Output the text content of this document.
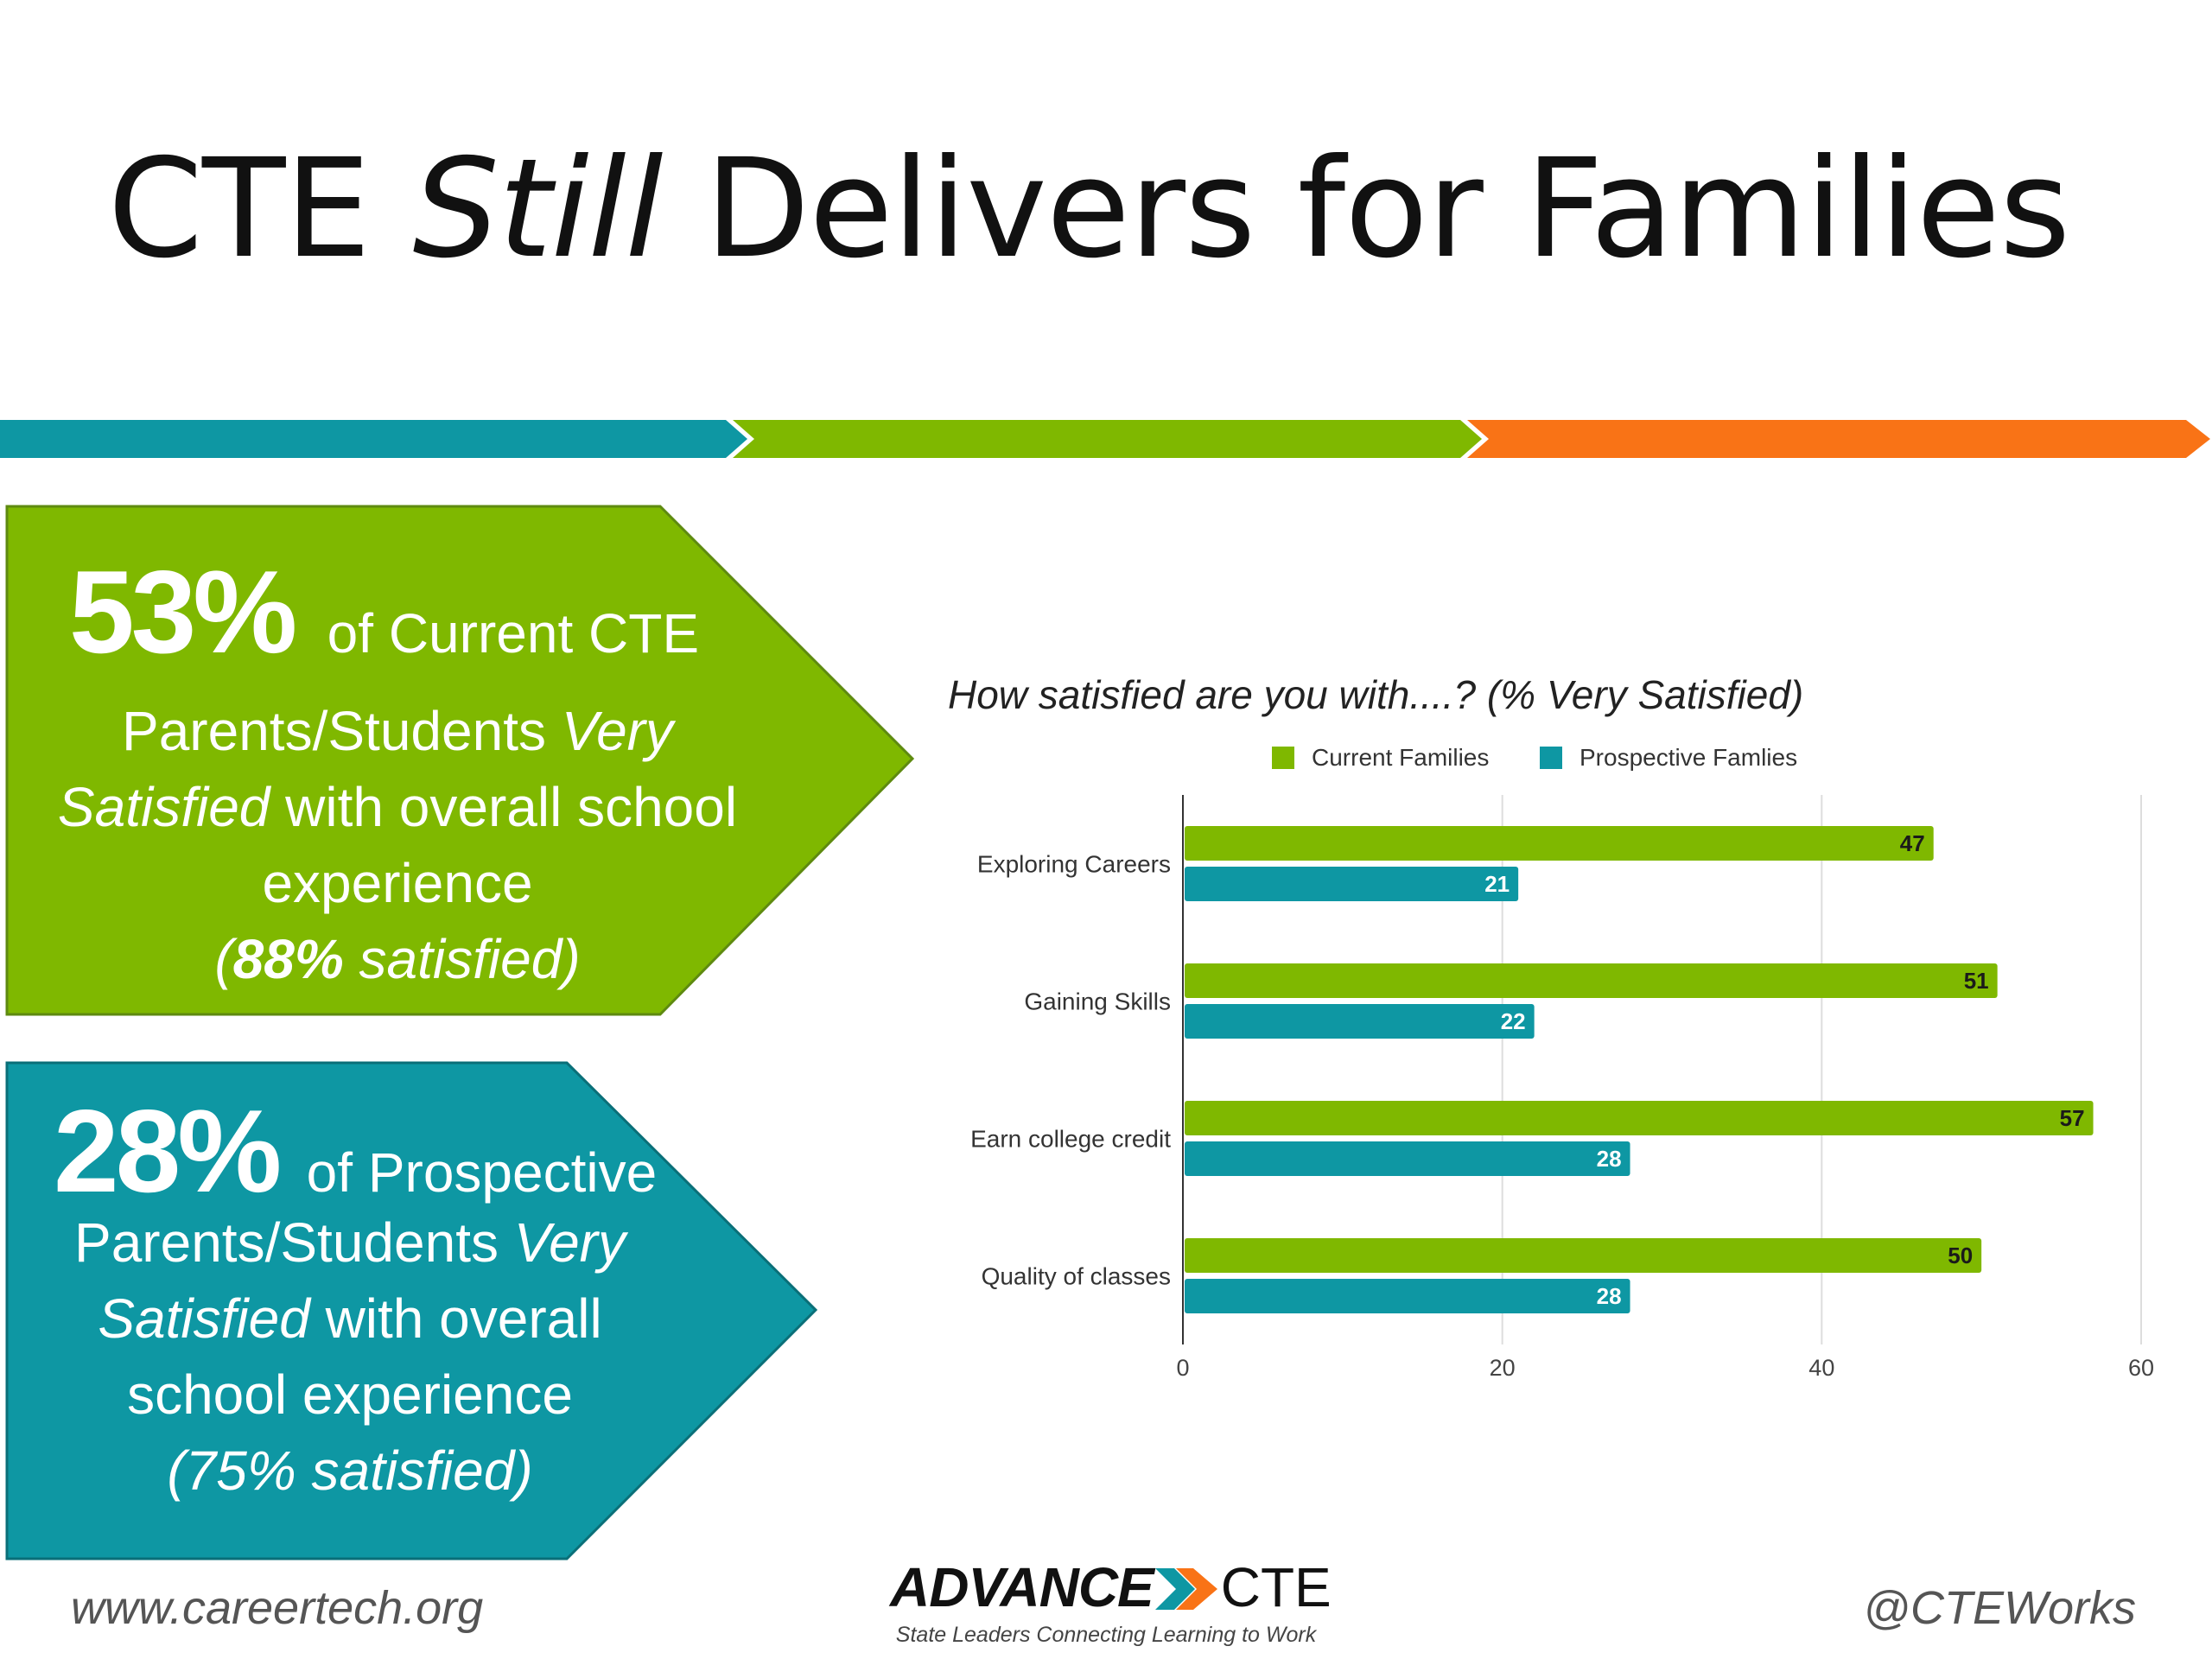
CTE Still Delivers for Families
53% of Current CTE
Parents/Students Very
Satisfied with overall school
experience
(88% satisfied)
28% of Prospective
Parents/Students Very
Satisfied with overall
school experience
(75% satisfied)
How satisfied are you with....? (% Very Satisfied)
Current Families	Prospective Famlies
0	20	40	60
Exploring Careers
47
21
Gaining Skills
51
22
Earn college credit
57
28
Quality of classes
50
28
www.careertech.org	ADVANCE CTE
State Leaders Connecting Learning to Work
@CTEWorks
